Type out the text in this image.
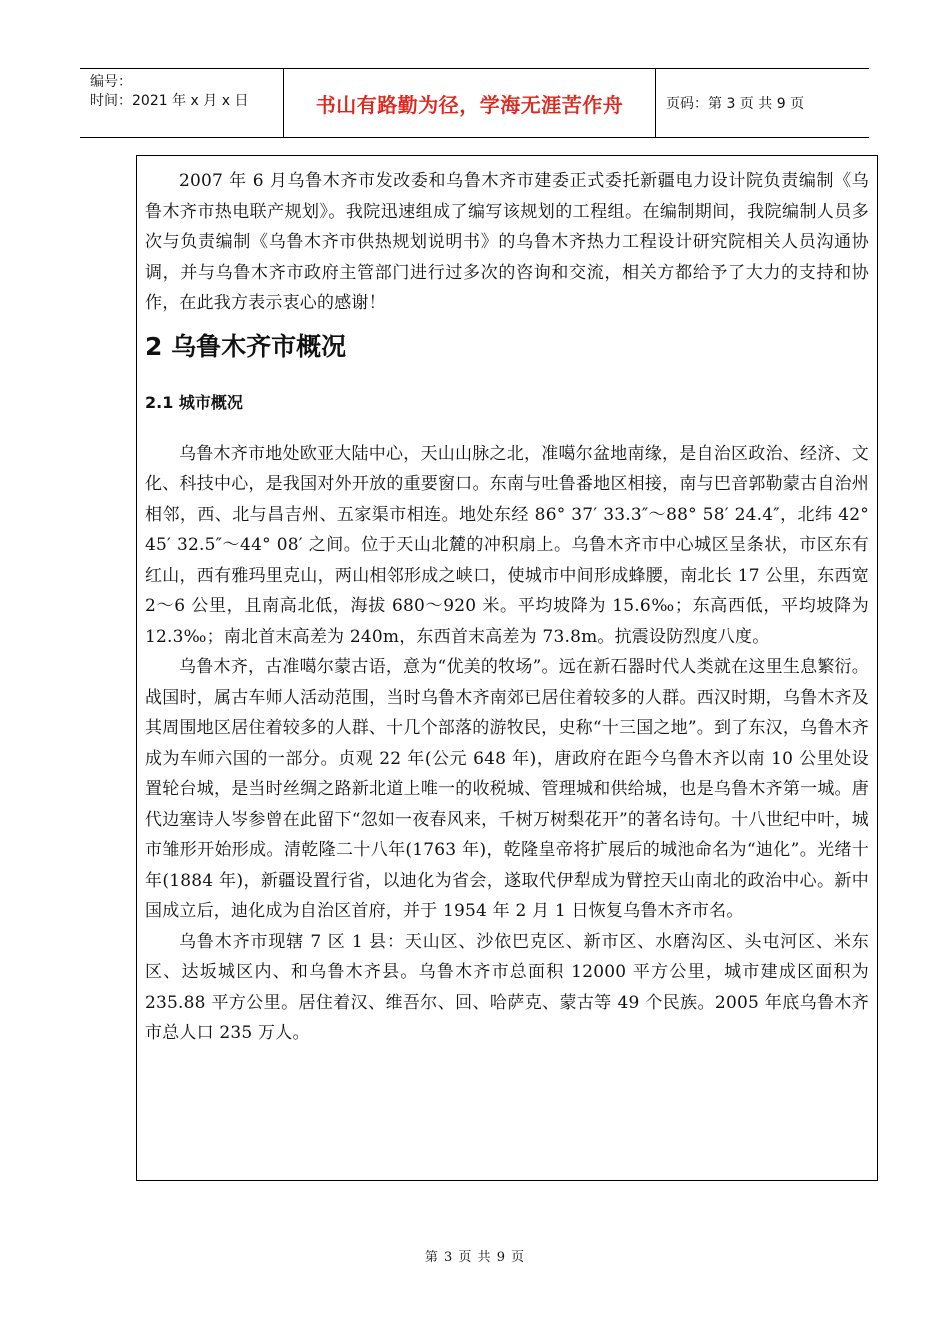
编号：
时间：2021 年 x 月 x 日	书山有路勤为径，学海无涯苦作舟	页码：第 3 页 共 9 页

2007 年 6 月乌鲁木齐市发改委和乌鲁木齐市建委正式委托新疆电力设计院负责编制《乌鲁木齐市热电联产规划》。我院迅速组成了编写该规划的工程组。在编制期间，我院编制人员多次与负责编制《乌鲁木齐市供热规划说明书》的乌鲁木齐热力工程设计研究院相关人员沟通协调，并与乌鲁木齐市政府主管部门进行过多次的咨询和交流，相关方都给予了大力的支持和协作，在此我方表示衷心的感谢！

2 乌鲁木齐市概况
2.1 城市概况

乌鲁木齐市地处欧亚大陆中心，天山山脉之北，准噶尔盆地南缘，是自治区政治、经济、文化、科技中心，是我国对外开放的重要窗口。东南与吐鲁番地区相接，南与巴音郭勒蒙古自治州相邻，西、北与昌吉州、五家渠市相连。地处东经 86° 37′ 33.3″～88° 58′ 24.4″，北纬 42° 45′ 32.5″～44° 08′ 之间。位于天山北麓的冲积扇上。乌鲁木齐市中心城区呈条状，市区东有红山，西有雅玛里克山，两山相邻形成之峡口，使城市中间形成蜂腰，南北长 17 公里，东西宽 2～6 公里，且南高北低，海拔 680～920 米。平均坡降为 15.6‰；东高西低，平均坡降为 12.3‰；南北首末高差为 240m，东西首末高差为 73.8m。抗震设防烈度八度。

乌鲁木齐，古准噶尔蒙古语，意为“优美的牧场”。远在新石器时代人类就在这里生息繁衍。战国时，属古车师人活动范围，当时乌鲁木齐南郊已居住着较多的人群。西汉时期，乌鲁木齐及其周围地区居住着较多的人群、十几个部落的游牧民，史称“十三国之地”。到了东汉，乌鲁木齐成为车师六国的一部分。贞观 22 年(公元 648 年)，唐政府在距今乌鲁木齐以南 10 公里处设置轮台城，是当时丝绸之路新北道上唯一的收税城、管理城和供给城，也是乌鲁木齐第一城。唐代边塞诗人岑参曾在此留下“忽如一夜春风来，千树万树梨花开”的著名诗句。十八世纪中叶，城市雏形开始形成。清乾隆二十八年(1763 年)，乾隆皇帝将扩展后的城池命名为“迪化”。光绪十年(1884 年)，新疆设置行省，以迪化为省会，遂取代伊犁成为臂控天山南北的政治中心。新中国成立后，迪化成为自治区首府，并于 1954 年 2 月 1 日恢复乌鲁木齐市名。

乌鲁木齐市现辖 7 区 1 县：天山区、沙依巴克区、新市区、水磨沟区、头屯河区、米东区、达坂城区内、和乌鲁木齐县。乌鲁木齐市总面积 12000 平方公里，城市建成区面积为 235.88 平方公里。居住着汉、维吾尔、回、哈萨克、蒙古等 49 个民族。2005 年底乌鲁木齐市总人口 235 万人。

第 3 页 共 9 页
